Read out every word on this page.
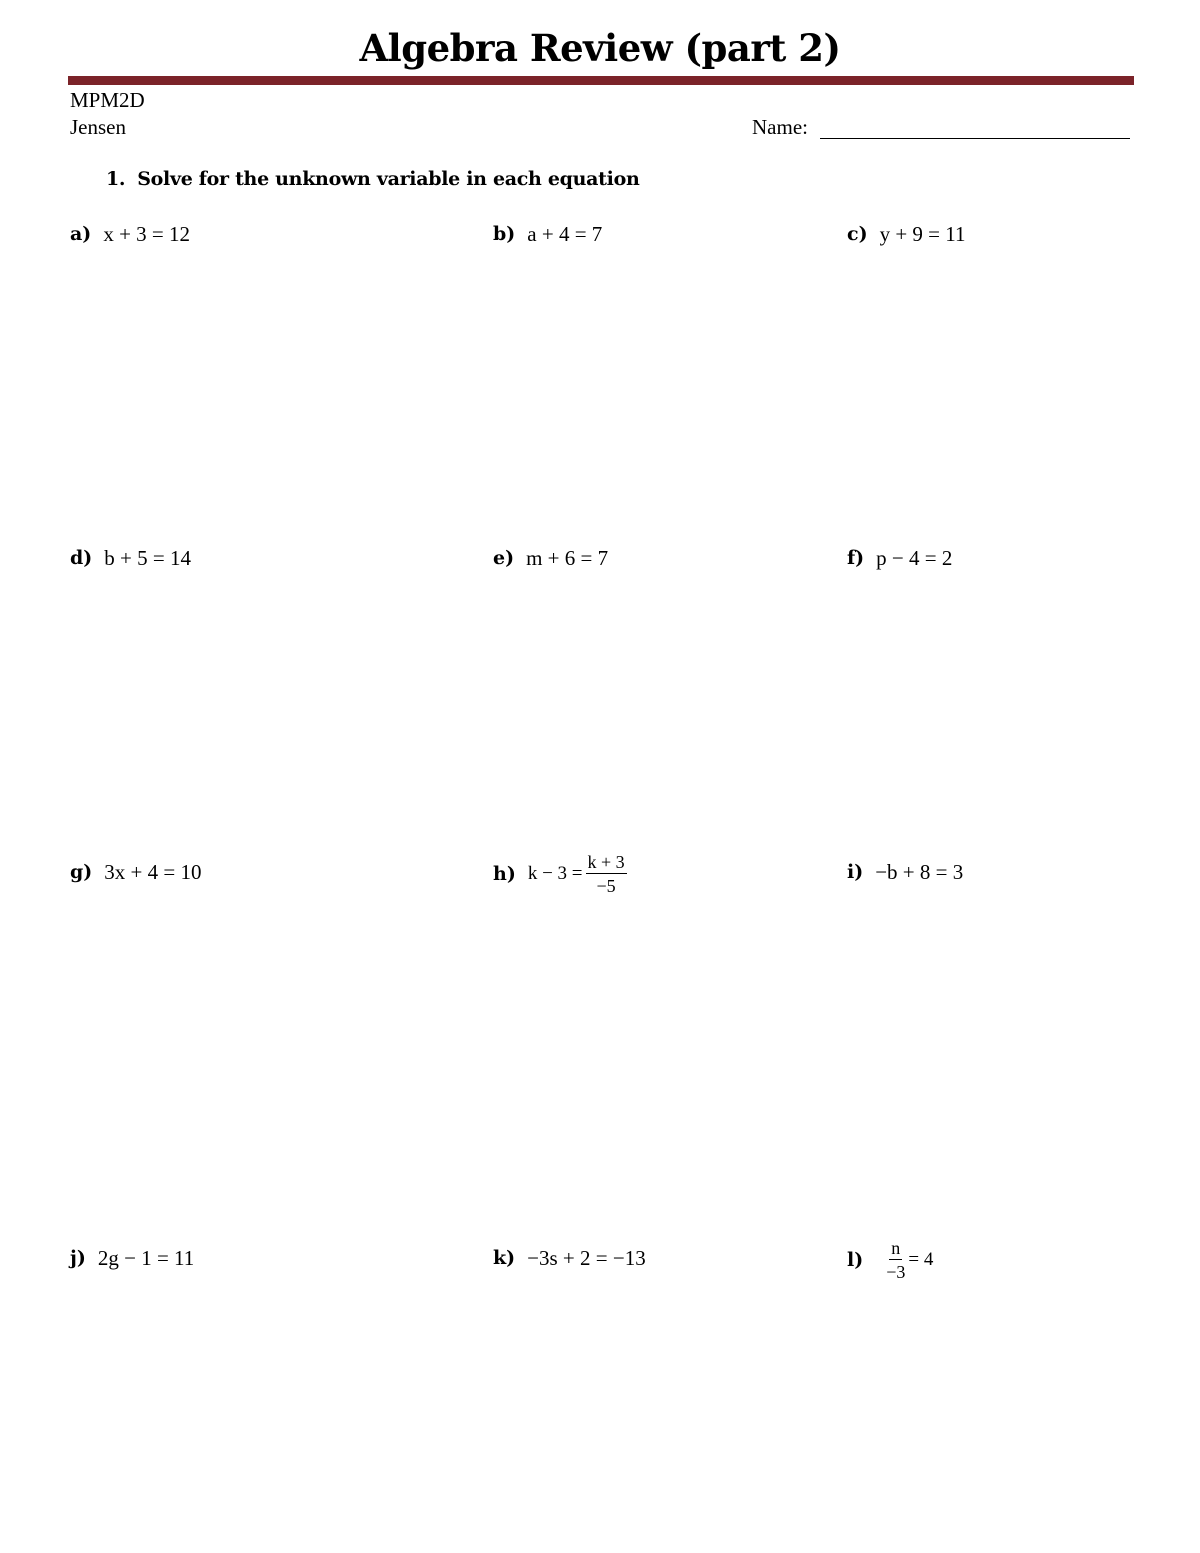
Algebra Review (part 2)
MPM2D
Jensen	Name:
1. Solve for the unknown variable in each equation
a) x + 3 = 12	b) a + 4 = 7	c) y + 9 = 11
d) b + 5 = 14	e) m + 6 = 7	f) p − 4 = 2
g) 3x + 4 = 10	h) $k - 3 = \frac{k + 3}{-5}$	i) −b + 8 = 3
j) 2g − 1 = 11	k) −3s + 2 = −13	$l) \frac{n}{-3} = 4$
